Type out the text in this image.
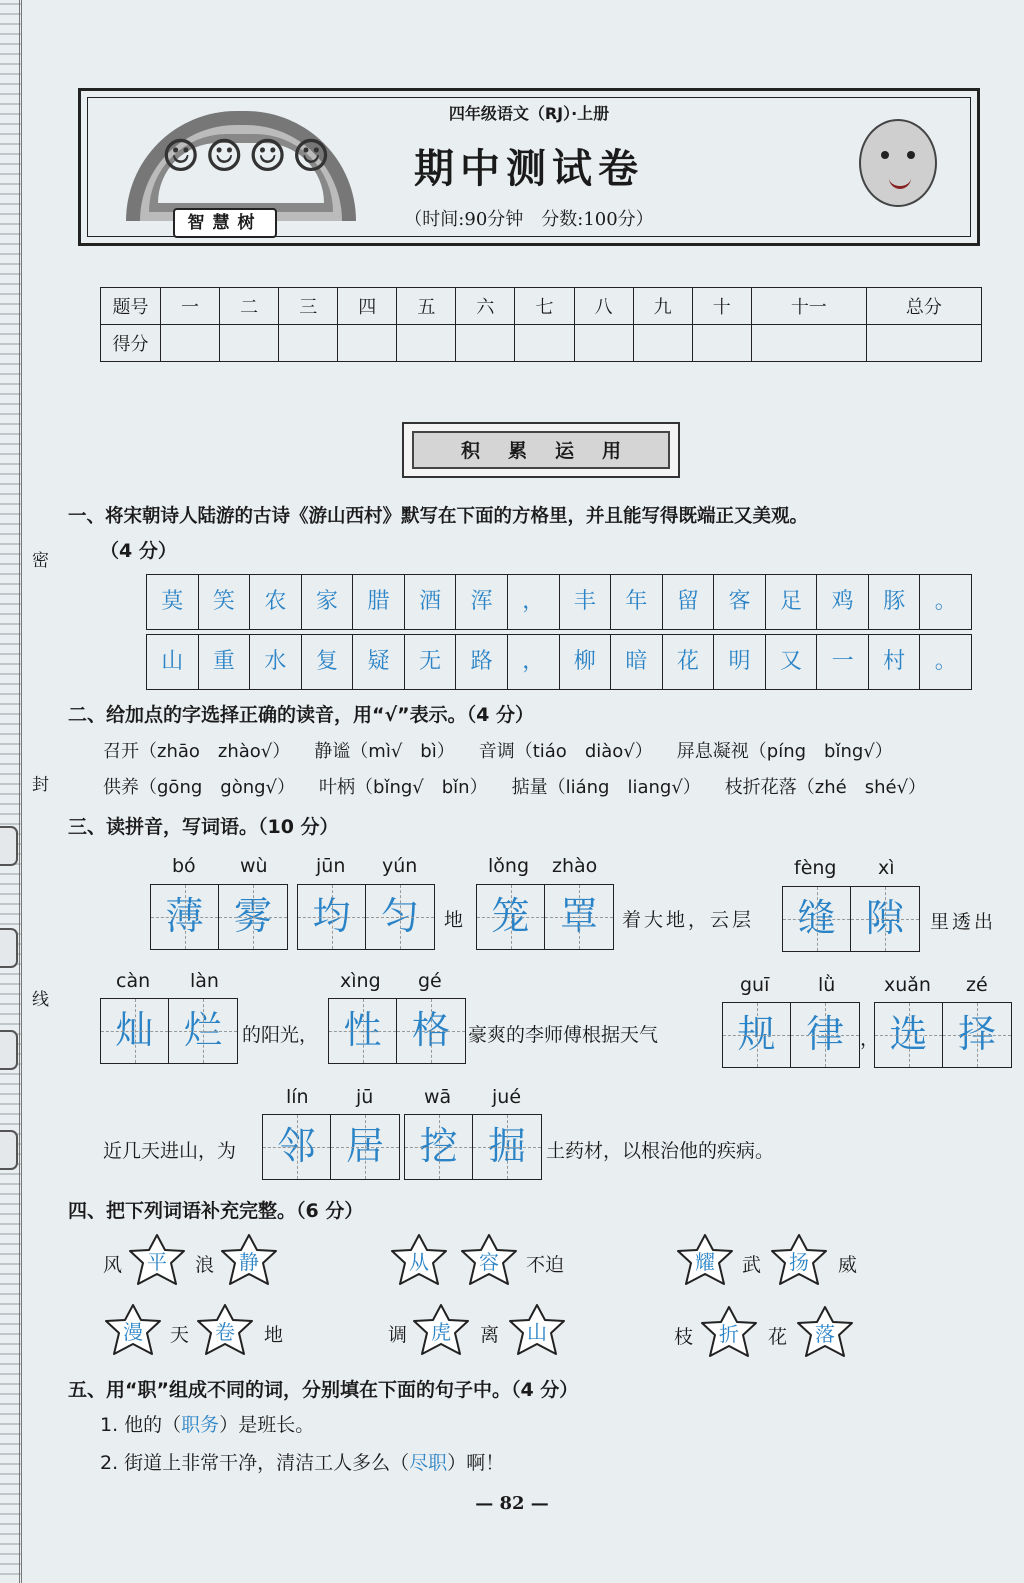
密
封
线
☺☺☺☺
智慧树
四年级语文（RJ）·上册
期中测试卷
（时间:90分钟　分数:100分）
题号	一	二	三	四	五	六	七	八	九	十	十一	总分
得分												
积累运用
一、将宋朝诗人陆游的古诗《游山西村》默写在下面的方格里，并且能写得既端正又美观。
（4 分）
莫	笑	农	家	腊	酒	浑	，	丰	年	留	客	足	鸡	豚	。
山	重	水	复	疑	无	路	，	柳	暗	花	明	又	一	村	。
二、给加点的字选择正确的读音，用“√”表示。（4 分）
召开（zhāo　zhào√） 静谧（mì√　bì） 音调（tiáo　diào√） 屏息凝视（píng　bǐng√）
供养（gōng　gòng√） 叶柄（bǐng√　bǐn） 掂量（liáng　liang√） 枝折花落（zhé　shé√）
三、读拼音，写词语。（10 分）
bó wù	jūn yún	lǒng zhào	fèng xì
薄 雾	均 匀	地 笼 罩	着大地，云层	缝 隙	里透出
càn làn	xìng gé	guī	lǜ	xuǎn zé
灿 烂	的阳光， 性 格 豪爽的李师傅根据天气	规 律 ， 选 择
lín jū	wā jué
近几天进山，为	邻 居 挖 掘	土药材，以根治他的疾病。
四、把下列词语补充完整。（6 分）
风 平 浪 静	从	容 不迫	耀 武 扬 威
漫 天 卷 地	调 虎 离 山	枝 折 花 落
五、用“职”组成不同的词，分别填在下面的句子中。（4 分）
1. 他的（职务）是班长。
2. 街道上非常干净，清洁工人多么（尽职）啊！
— 82 —
